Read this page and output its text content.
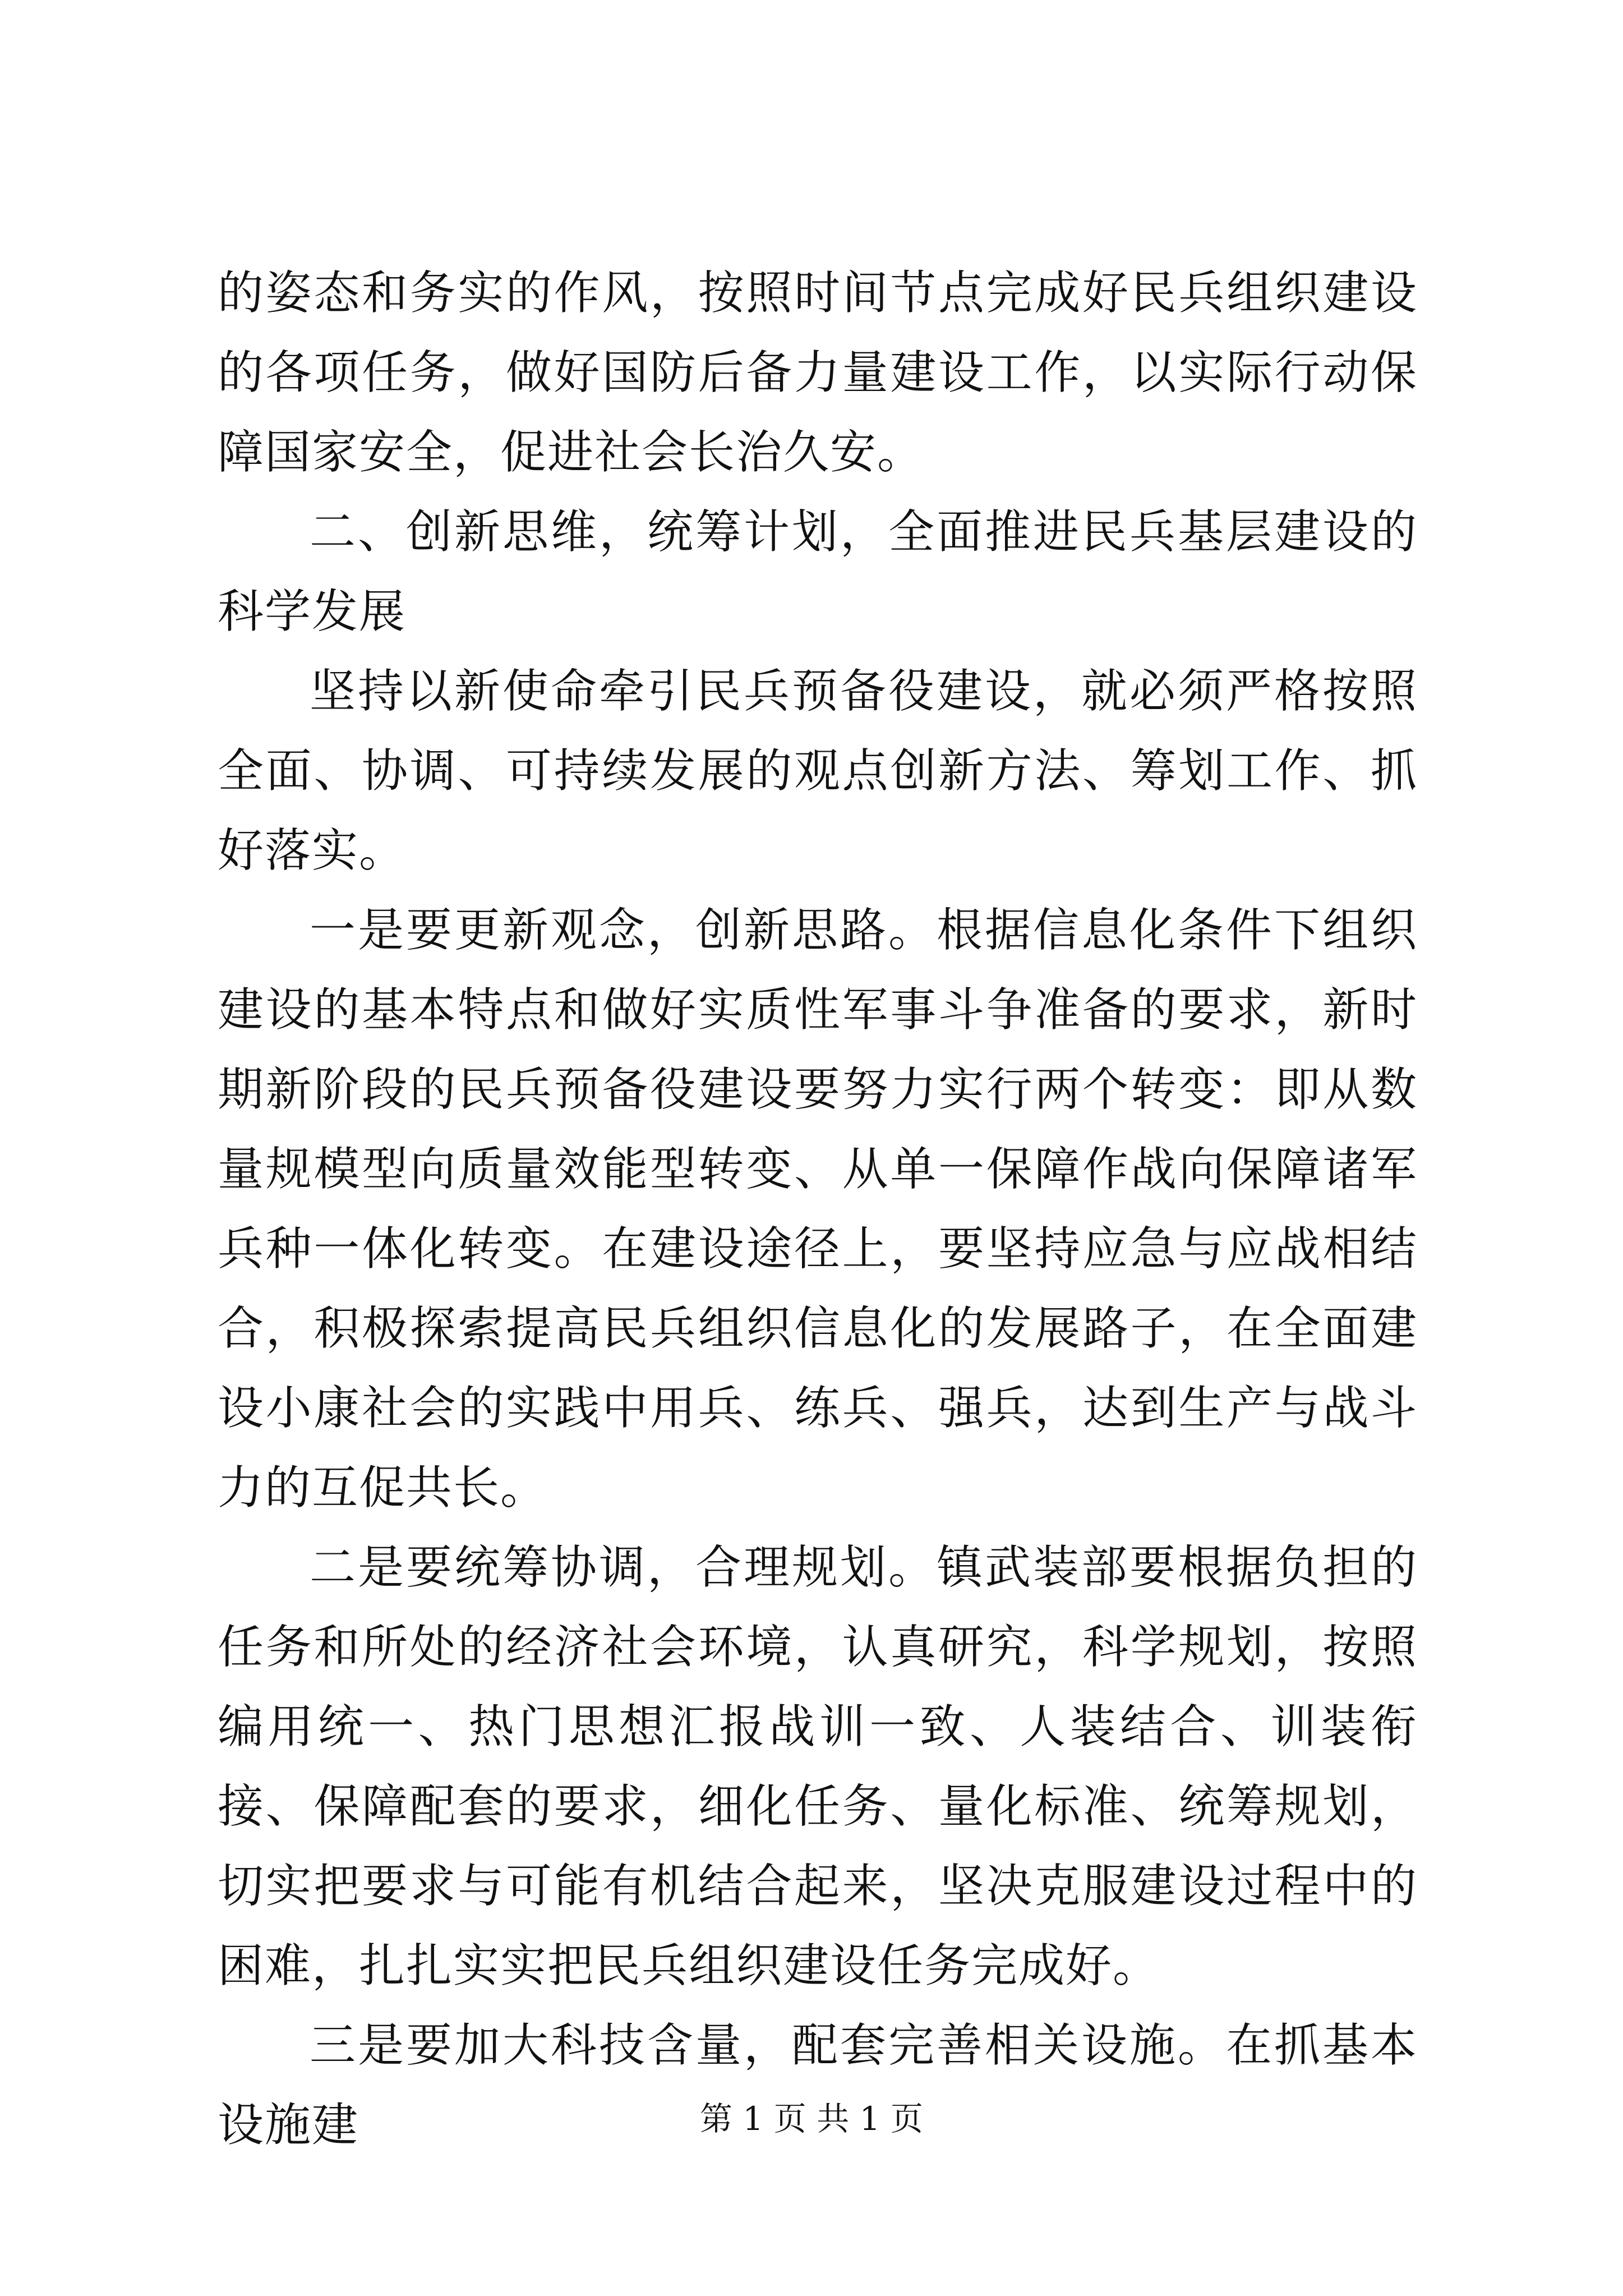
的姿态和务实的作风，按照时间节点完成好民兵组织建设的各项任务，做好国防后备力量建设工作，以实际行动保障国家安全，促进社会长治久安。

二、创新思维，统筹计划，全面推进民兵基层建设的科学发展

坚持以新使命牵引民兵预备役建设，就必须严格按照全面、协调、可持续发展的观点创新方法、筹划工作、抓好落实。

一是要更新观念，创新思路。根据信息化条件下组织建设的基本特点和做好实质性军事斗争准备的要求，新时期新阶段的民兵预备役建设要努力实行两个转变：即从数量规模型向质量效能型转变、从单一保障作战向保障诸军兵种一体化转变。在建设途径上，要坚持应急与应战相结合，积极探索提高民兵组织信息化的发展路子，在全面建设小康社会的实践中用兵、练兵、强兵，达到生产与战斗力的互促共长。

二是要统筹协调，合理规划。镇武装部要根据负担的任务和所处的经济社会环境，认真研究，科学规划，按照编用统一、热门思想汇报战训一致、人装结合、训装衔接、保障配套的要求，细化任务、量化标准、统筹规划，切实把要求与可能有机结合起来，坚决克服建设过程中的困难，扎扎实实把民兵组织建设任务完成好。

三是要加大科技含量，配套完善相关设施。在抓基本设施建	第 1 页 共 1 页
